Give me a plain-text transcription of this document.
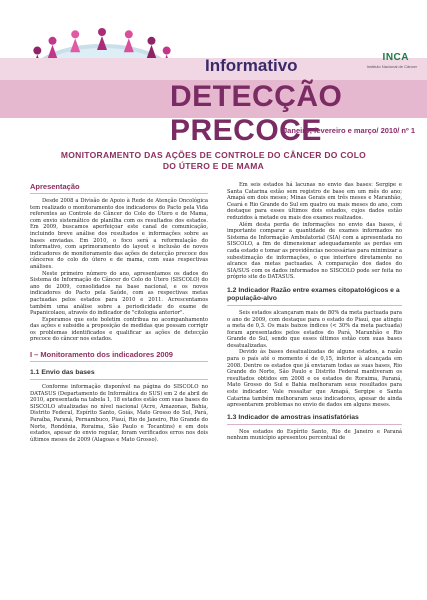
Informativo
DETECÇÃO PRECOCE
INCA
Instituto Nacional de Câncer
Janeiro, fevereiro e março/ 2010/ nº 1
MONITORAMENTO DAS AÇÕES DE CONTROLE DO CÂNCER DO COLO DO ÚTERO E DE MAMA
Apresentação

Desde 2008 a Divisão de Apoio à Rede de Atenção Oncológica tem realizado o monitoramento dos indicadores do Pacto pela Vida referentes ao Controle do Câncer do Colo do Útero e de Mama, com envio sistemático de planilha com os resultados dos estados. Em 2009, buscamos aperfeiçoar este canal de comunicação, incluindo breve análise dos resultados e informações sobre as bases enviadas. Em 2010, o foco será a reformulação do informativo, com aprimoramento do layout e inclusão de novos indicadores de monitoramento das ações de detecção precoce dos cânceres do colo do útero e de mama, com suas respectivas análises.

Neste primeiro número do ano, apresentamos os dados do Sistema de Informação do Câncer do Colo do Útero (SISCOLO) do ano de 2009, consolidados na base nacional, e os novos indicadores do Pacto pela Saúde, com as respectivas metas pactuadas pelos estados para 2010 e 2011. Acrescentamos também uma análise sobre a periodicidade do exame de Papanicolaou, através do indicador de "citologia anterior".

Esperamos que este boletim contribua no acompanhamento das ações e subsidie a proposição de medidas que possam corrigir os problemas identificados e qualificar as ações de detecção precoce do câncer nos estados.

I – Monitoramento dos indicadores 2009
1.1 Envio das bases

Conforme informação disponível na página do SISCOLO no DATASUS (Departamento de Informática do SUS) em 2 de abril de 2010, apresentada na tabela 1, 18 estados estão com suas bases do SISCOLO atualizadas no nível nacional (Acre, Amazonas, Bahia, Distrito Federal, Espírito Santo, Goiás, Mato Grosso do Sul, Pará, Paraíba, Paraná, Pernambuco, Piauí, Rio de Janeiro, Rio Grande do Norte, Rondônia, Roraima, São Paulo e Tocantins) e em dois estados, apesar do envio regular, foram verificados erros nos dois últimos meses de 2009 (Alagoas e Mato Grosso).

Em seis estados há lacunas no envio das bases: Sergipe e Santa Catarina estão sem registro de base em um mês do ano; Amapá em dois meses; Minas Gerais em três meses e Maranhão, Ceará e Rio Grande do Sul em quatro ou mais meses do ano, com destaque para esses últimos dois estados, cujos dados estão reduzidos à metade ou mais dos exames realizados.

Além desta perda de informações no envio das bases, é importante comparar a quantidade de exames informados no Sistema de Informação Ambulatorial (SIA) com a apresentada no SISCOLO, a fim de dimensionar adequadamente as perdas em cada estado e tomar as providências necessárias para minimizar a subestimação de informações, o que interfere diretamente no alcance das metas pactuadas. A comparação dos dados do SIA/SUS com os dados informados no SISCOLO pode ser feita no próprio site do DATASUS.

1.2 Indicador Razão entre exames citopatológicos e a população-alvo

Seis estados alcançaram mais de 80% da meta pactuada para o ano de 2009, com destaque para o estado do Piauí, que atingiu a meta de 0,3. Os mais baixos índices (< 30% da meta pactuada) foram apresentados pelos estados do Pará, Maranhão e Rio Grande do Sul, sendo que esses últimos estão com suas bases desatualizadas.

Devido às bases desatualizadas de alguns estados, a razão para o país até o momento é de 0,15, inferior à alcançada em 2008. Dentre os estados que já enviaram todas as suas bases, Rio Grande do Norte, São Paulo e Distrito Federal mantiveram os resultados obtidos em 2008 e os estados de Roraima, Paraná, Mato Grosso do Sul e Bahia melhoraram seus resultados para este indicador. Vale ressaltar que Amapá, Sergipe e Santa Catarina também melhoraram seus indicadores, apesar de ainda apresentarem problemas no envio de dados em alguns meses.

1.3 Indicador de amostras insatisfatórias

Nos estados do Espírito Santo, Rio de Janeiro e Paraná nenhum município apresentou percentual de
